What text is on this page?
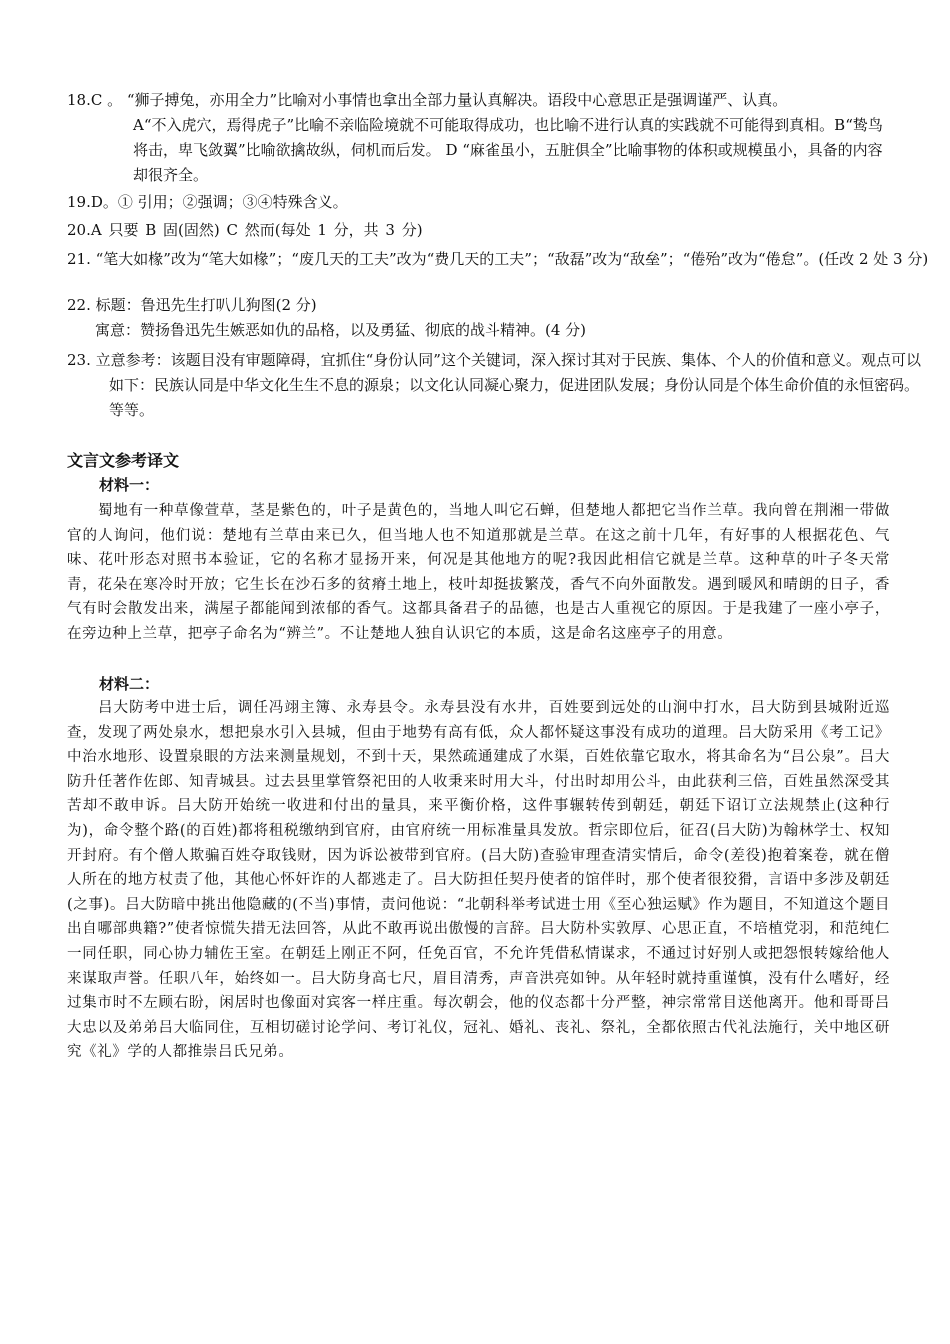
18.C 。 “狮子搏兔，亦用全力”比喻对小事情也拿出全部力量认真解决。语段中心意思正是强调谨严、认真。
A“不入虎穴，焉得虎子”比喻不亲临险境就不可能取得成功，也比喻不进行认真的实践就不可能得到真相。B“鸷鸟将击，卑飞敛翼”比喻欲擒故纵，伺机而后发。 D “麻雀虽小，五脏俱全”比喻事物的体积或规模虽小，具备的内容却很齐全。
19.D。① 引用；②强调；③④特殊含义。
20.A 只要 B 固(固然) C 然而(每处 1 分，共 3 分)
21. “笔大如椽”改为“笔大如椽”；“废几天的工夫”改为“费几天的工夫”；“敌磊”改为“敌垒”；“倦殆”改为“倦怠”。(任改 2 处 3 分)
22. 标题：鲁迅先生打叭儿狗图(2 分)
寓意：赞扬鲁迅先生嫉恶如仇的品格，以及勇猛、彻底的战斗精神。(4 分)
23. 立意参考：该题目没有审题障碍，宜抓住“身份认同”这个关键词，深入探讨其对于民族、集体、个人的价值和意义。观点可以如下：民族认同是中华文化生生不息的源泉；以文化认同凝心聚力，促进团队发展；身份认同是个体生命价值的永恒密码。等等。
文言文参考译文
材料一：
蜀地有一种草像萱草，茎是紫色的，叶子是黄色的，当地人叫它石蝉，但楚地人都把它当作兰草。我向曾在荆湘一带做官的人询问，他们说：楚地有兰草由来已久，但当地人也不知道那就是兰草。在这之前十几年，有好事的人根据花色、气味、花叶形态对照书本验证，它的名称才显扬开来，何况是其他地方的呢?我因此相信它就是兰草。这种草的叶子冬天常青，花朵在寒冷时开放；它生长在沙石多的贫瘠土地上，枝叶却挺拔繁茂，香气不向外面散发。遇到暖风和晴朗的日子，香气有时会散发出来，满屋子都能闻到浓郁的香气。这都具备君子的品德，也是古人重视它的原因。于是我建了一座小亭子，在旁边种上兰草，把亭子命名为“辨兰”。不让楚地人独自认识它的本质，这是命名这座亭子的用意。
材料二：
吕大防考中进士后，调任冯翊主簿、永寿县令。永寿县没有水井，百姓要到远处的山涧中打水，吕大防到县城附近巡查，发现了两处泉水，想把泉水引入县城，但由于地势有高有低，众人都怀疑这事没有成功的道理。吕大防采用《考工记》中治水地形、设置泉眼的方法来测量规划，不到十天，果然疏通建成了水渠，百姓依靠它取水，将其命名为“吕公泉”。吕大防升任著作佐郎、知青城县。过去县里掌管祭祀田的人收秉来时用大斗，付出时却用公斗，由此获利三倍，百姓虽然深受其苦却不敢申诉。吕大防开始统一收进和付出的量具，来平衡价格，这件事辗转传到朝廷，朝廷下诏订立法规禁止(这种行为)，命令整个路(的百姓)都将租税缴纳到官府，由官府统一用标准量具发放。哲宗即位后，征召(吕大防)为翰林学士、权知开封府。有个僧人欺骗百姓夺取钱财，因为诉讼被带到官府。(吕大防)查验审理查清实情后，命令(差役)抱着案卷，就在僧人所在的地方杖责了他，其他心怀奸诈的人都逃走了。吕大防担任契丹使者的馆伴时，那个使者很狡猾，言语中多涉及朝廷(之事)。吕大防暗中挑出他隐藏的(不当)事情，责问他说：“北朝科举考试进士用《至心独运赋》作为题目，不知道这个题目出自哪部典籍?”使者惊慌失措无法回答，从此不敢再说出傲慢的言辞。吕大防朴实敦厚、心思正直，不培植党羽，和范纯仁一同任职，同心协力辅佐王室。在朝廷上刚正不阿，任免百官，不允许凭借私情谋求，不通过讨好别人或把怨恨转嫁给他人来谋取声誉。任职八年，始终如一。吕大防身高七尺，眉目清秀，声音洪亮如钟。从年轻时就持重谨慎，没有什么嗜好，经过集市时不左顾右盼，闲居时也像面对宾客一样庄重。每次朝会，他的仪态都十分严整，神宗常常目送他离开。他和哥哥吕大忠以及弟弟吕大临同住，互相切磋讨论学问、考订礼仪，冠礼、婚礼、丧礼、祭礼，全都依照古代礼法施行，关中地区研究《礼》学的人都推崇吕氏兄弟。
